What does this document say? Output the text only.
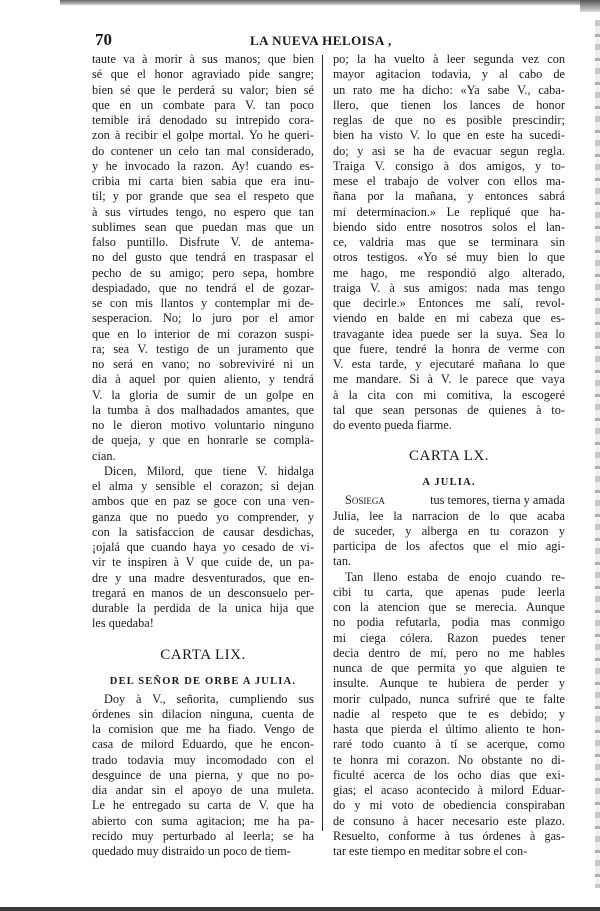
70	LA NUEVA HELOISA ,
taute va à morir à sus manos; que bien
sé que el honor agraviado pide sangre;
bien sé que le perderá su valor; bien sé
que en un combate para V. tan poco
temible irá denodado su intrepido cora-
zon à recibir el golpe mortal. Yo he queri-
do contener un celo tan mal considerado,
y he invocado la razon. Ay! cuando es-
cribia mi carta bien sabia que era inu-
til; y por grande que sea el respeto que
à sus virtudes tengo, no espero que tan
sublimes sean que puedan mas que un
falso puntillo. Disfrute V. de antema-
no del gusto que tendrá en traspasar el
pecho de su amigo; pero sepa, hombre
despiadado, que no tendrá el de gozar-
se con mis llantos y contemplar mi de-
sesperacion. No; lo juro por el amor
que en lo interior de mi corazon suspi-
ra; sea V. testigo de un juramento que
no será en vano; no sobreviviré ni un
dia à aquel por quien aliento, y tendrá
V. la gloria de sumir de un golpe en
la tumba à dos malhadados amantes, que
no le dieron motivo voluntario ninguno
de queja, y que en honrarle se compla-
cian.
Dicen, Milord, que tiene V. hidalga
el alma y sensible el corazon; si dejan
ambos que en paz se goce con una ven-
ganza que no puedo yo comprender, y
con la satisfaccion de causar desdichas,
¡ojalá que cuando haya yo cesado de vi-
vir te inspiren à V que cuide de, un pa-
dre y una madre desventurados, que en-
tregará en manos de un desconsuelo per-
durable la perdida de la unica hija que
les quedaba!
CARTA LIX.
DEL SEÑOR DE ORBE A JULIA.
Doy à V., señorita, cumpliendo sus
órdenes sin dilacion ninguna, cuenta de
la comision que me ha fiado. Vengo de
casa de milord Eduardo, que he encon-
trado todavia muy incomodado con el
desguince de una pierna, y que no po-
dia andar sin el apoyo de una muleta.
Le he entregado su carta de V. que ha
abierto con suma agitacion; me ha pa-
recido muy perturbado al leerla; se ha
quedado muy distraido un poco de tiem-
po; la ha vuelto à leer segunda vez con
mayor agitacion todavia, y al cabo de
un rato me ha dicho: «Ya sabe V., caba-
llero, que tienen los lances de honor
reglas de que no es posible prescindir;
bien ha visto V. lo que en este ha sucedi-
do; y asi se ha de evacuar segun regla.
Traiga V. consigo à dos amigos, y to-
mese el trabajo de volver con ellos ma-
ñana por la mañana, y entonces sabrá
mi determinacion.» Le repliqué que ha-
biendo sido entre nosotros solos el lan-
ce, valdria mas que se terminara sin
otros testigos. «Yo sé muy bien lo que
me hago, me respondió algo alterado,
traiga V. à sus amigos: nada mas tengo
que decirle.» Entonces me salí, revol-
viendo en balde en mi cabeza que es-
travagante idea puede ser la suya. Sea lo
que fuere, tendré la honra de verme con
V. esta tarde, y ejecutaré mañana lo que
me mandare. Si à V. le parece que vaya
à la cita con mi comitiva, la escogeré
tal que sean personas de quienes à to-
do evento pueda fiarme.
CARTA LX.
A JULIA.
Sosiega	tus temores, tierna y amada
Julia, lee la narracion de lo que acaba
de suceder, y alberga en tu corazon y
participa de los afectos que el mio agi-
tan.
Tan lleno estaba de enojo cuando re-
cibi tu carta, que apenas pude leerla
con la atencion que se merecia. Aunque
no podia refutarla, podia mas conmigo
mi ciega cólera. Razon puedes tener
decia dentro de mí, pero no me hables
nunca de que permita yo que alguien te
insulte. Aunque te hubiera de perder y
morir culpado, nunca sufriré que te falte
nadie al respeto que te es debido; y
hasta que pierda el último aliento te hon-
raré todo cuanto à tí se acerque, como
te honra mi corazon. No obstante no di-
ficulté acerca de los ocho dias que exi-
gias; el acaso acontecido à milord Eduar-
do y mi voto de obediencia conspiraban
de consuno à hacer necesario este plazo.
Resuelto, conforme à tus órdenes à gas-
tar este tiempo en meditar sobre el con-
